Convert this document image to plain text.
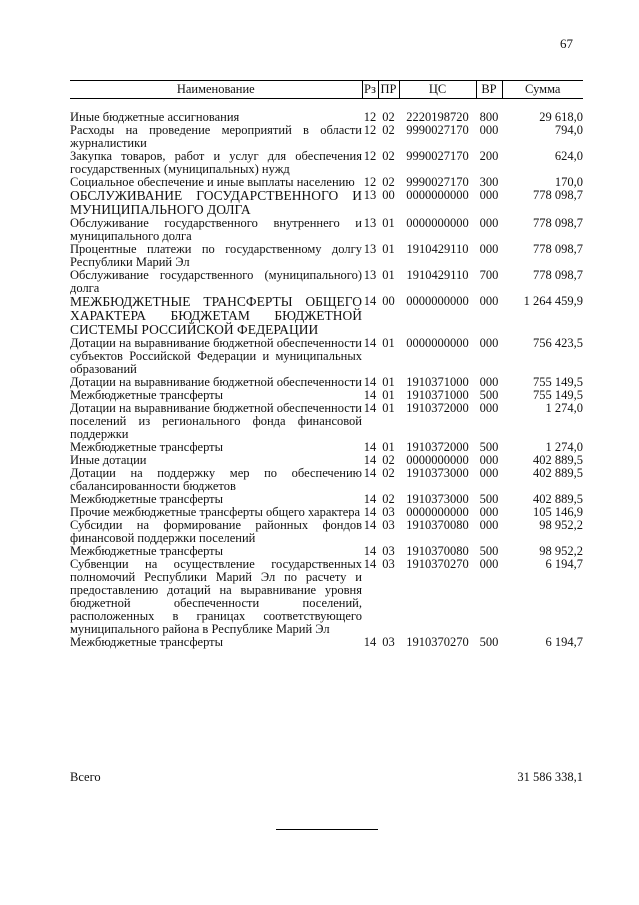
67
Наименование	Рз	ПР	ЦС	ВР	Сумма

Иные бюджетные ассигнования	12	02	2220198720	800	29 618,0
Расходы на проведение мероприятий в области журналистики	12	02	9990027170	000	794,0
Закупка товаров, работ и услуг для обеспечения государственных (муниципальных) нужд	12	02	9990027170	200	624,0
Социальное обеспечение и иные выплаты населению	12	02	9990027170	300	170,0
ОБСЛУЖИВАНИЕ ГОСУДАРСТВЕННОГО И МУНИЦИПАЛЬНОГО ДОЛГА	13	00	0000000000	000	778 098,7
Обслуживание государственного внутреннего и муниципального долга	13	01	0000000000	000	778 098,7
Процентные платежи по государственному долгу Республики Марий Эл	13	01	1910429110	000	778 098,7
Обслуживание государственного (муниципального) долга	13	01	1910429110	700	778 098,7
МЕЖБЮДЖЕТНЫЕ ТРАНСФЕРТЫ ОБЩЕГО ХАРАКТЕРА БЮДЖЕТАМ БЮДЖЕТНОЙ СИСТЕМЫ РОССИЙСКОЙ ФЕДЕРАЦИИ	14	00	0000000000	000	1 264 459,9
Дотации на выравнивание бюджетной обеспеченности субъектов Российской Федерации и муниципальных образований	14	01	0000000000	000	756 423,5
Дотации на выравнивание бюджетной обеспеченности	14	01	1910371000	000	755 149,5
Межбюджетные трансферты	14	01	1910371000	500	755 149,5
Дотации на выравнивание бюджетной обеспеченности поселений из регионального фонда финансовой поддержки	14	01	1910372000	000	1 274,0
Межбюджетные трансферты	14	01	1910372000	500	1 274,0
Иные дотации	14	02	0000000000	000	402 889,5
Дотации на поддержку мер по обеспечению сбалансированности бюджетов	14	02	1910373000	000	402 889,5
Межбюджетные трансферты	14	02	1910373000	500	402 889,5
Прочие межбюджетные трансферты общего характера	14	03	0000000000	000	105 146,9
Субсидии на формирование районных фондов финансовой поддержки поселений	14	03	1910370080	000	98 952,2
Межбюджетные трансферты	14	03	1910370080	500	98 952,2
Субвенции на осуществление государственных полномочий Республики Марий Эл по расчету и предоставлению дотаций на выравнивание уровня бюджетной обеспеченности поселений, расположенных в границах соответствующего муниципального района в Республике Марий Эл	14	03	1910370270	000	6 194,7
Межбюджетные трансферты	14	03	1910370270	500	6 194,7
Всего	31 586 338,1
